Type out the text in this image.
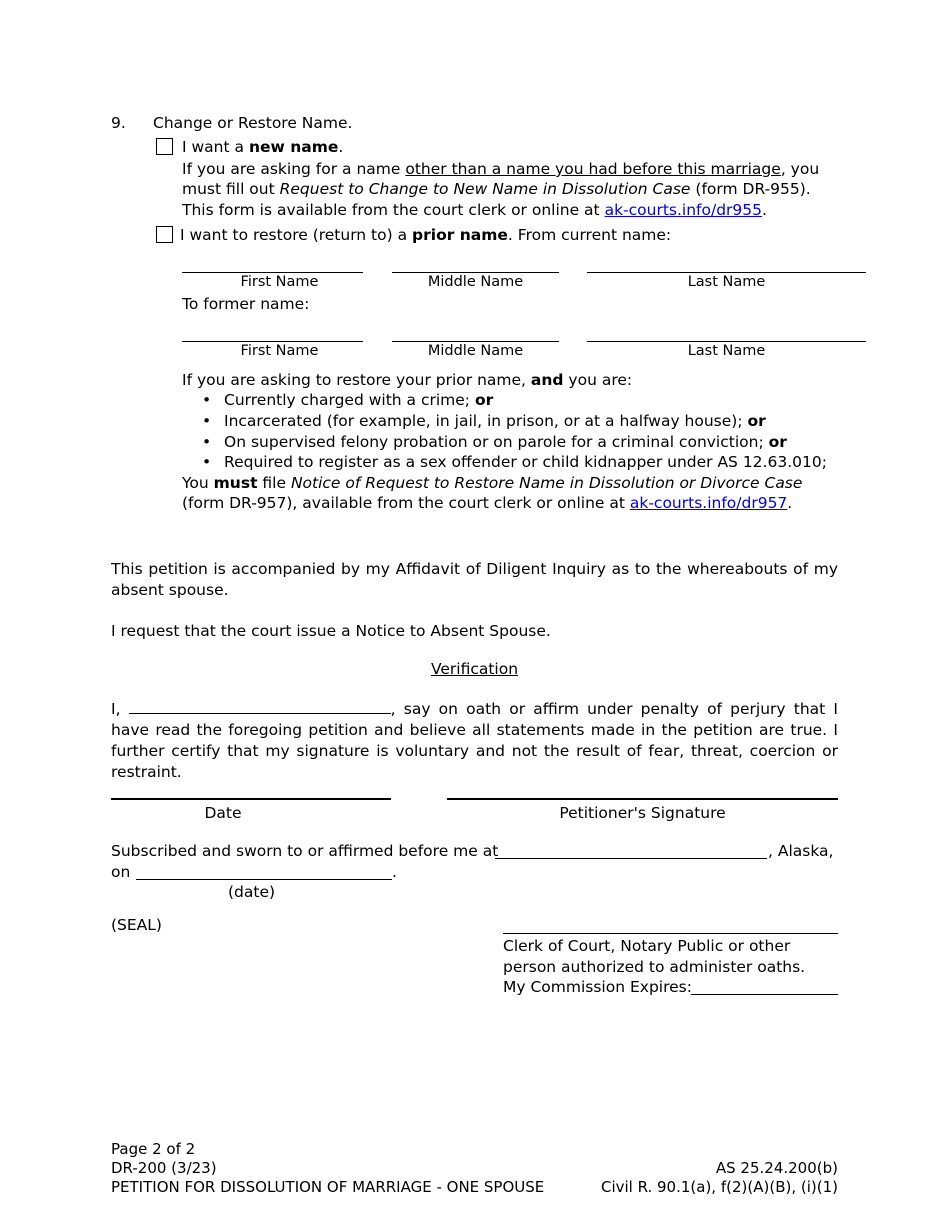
9. Change or Restore Name.
I want a new name.
If you are asking for a name other than a name you had before this marriage, you must fill out Request to Change to New Name in Dissolution Case (form DR-955). This form is available from the court clerk or online at ak-courts.info/dr955.
I want to restore (return to) a prior name. From current name:
First Name	Middle Name	Last Name
To former name:
First Name	Middle Name	Last Name
If you are asking to restore your prior name, and you are:
• Currently charged with a crime; or
• Incarcerated (for example, in jail, in prison, or at a halfway house); or
• On supervised felony probation or on parole for a criminal conviction; or
• Required to register as a sex offender or child kidnapper under AS 12.63.010;
You must file Notice of Request to Restore Name in Dissolution or Divorce Case (form DR-957), available from the court clerk or online at ak-courts.info/dr957.
This petition is accompanied by my Affidavit of Diligent Inquiry as to the whereabouts of my absent spouse.
I request that the court issue a Notice to Absent Spouse.
Verification
I,	, say on oath or affirm under penalty of perjury that I have read the foregoing petition and believe all statements made in the petition are true. I further certify that my signature is voluntary and not the result of fear, threat, coercion or restraint.
Date	Petitioner's Signature
Subscribed and sworn to or affirmed before me at	, Alaska,
on	.
(date)
(SEAL)
Clerk of Court, Notary Public or other
person authorized to administer oaths.
My Commission Expires:
Page 2 of 2
DR-200 (3/23)
PETITION FOR DISSOLUTION OF MARRIAGE - ONE SPOUSE
AS 25.24.200(b)
Civil R. 90.1(a), f(2)(A)(B), (i)(1)
